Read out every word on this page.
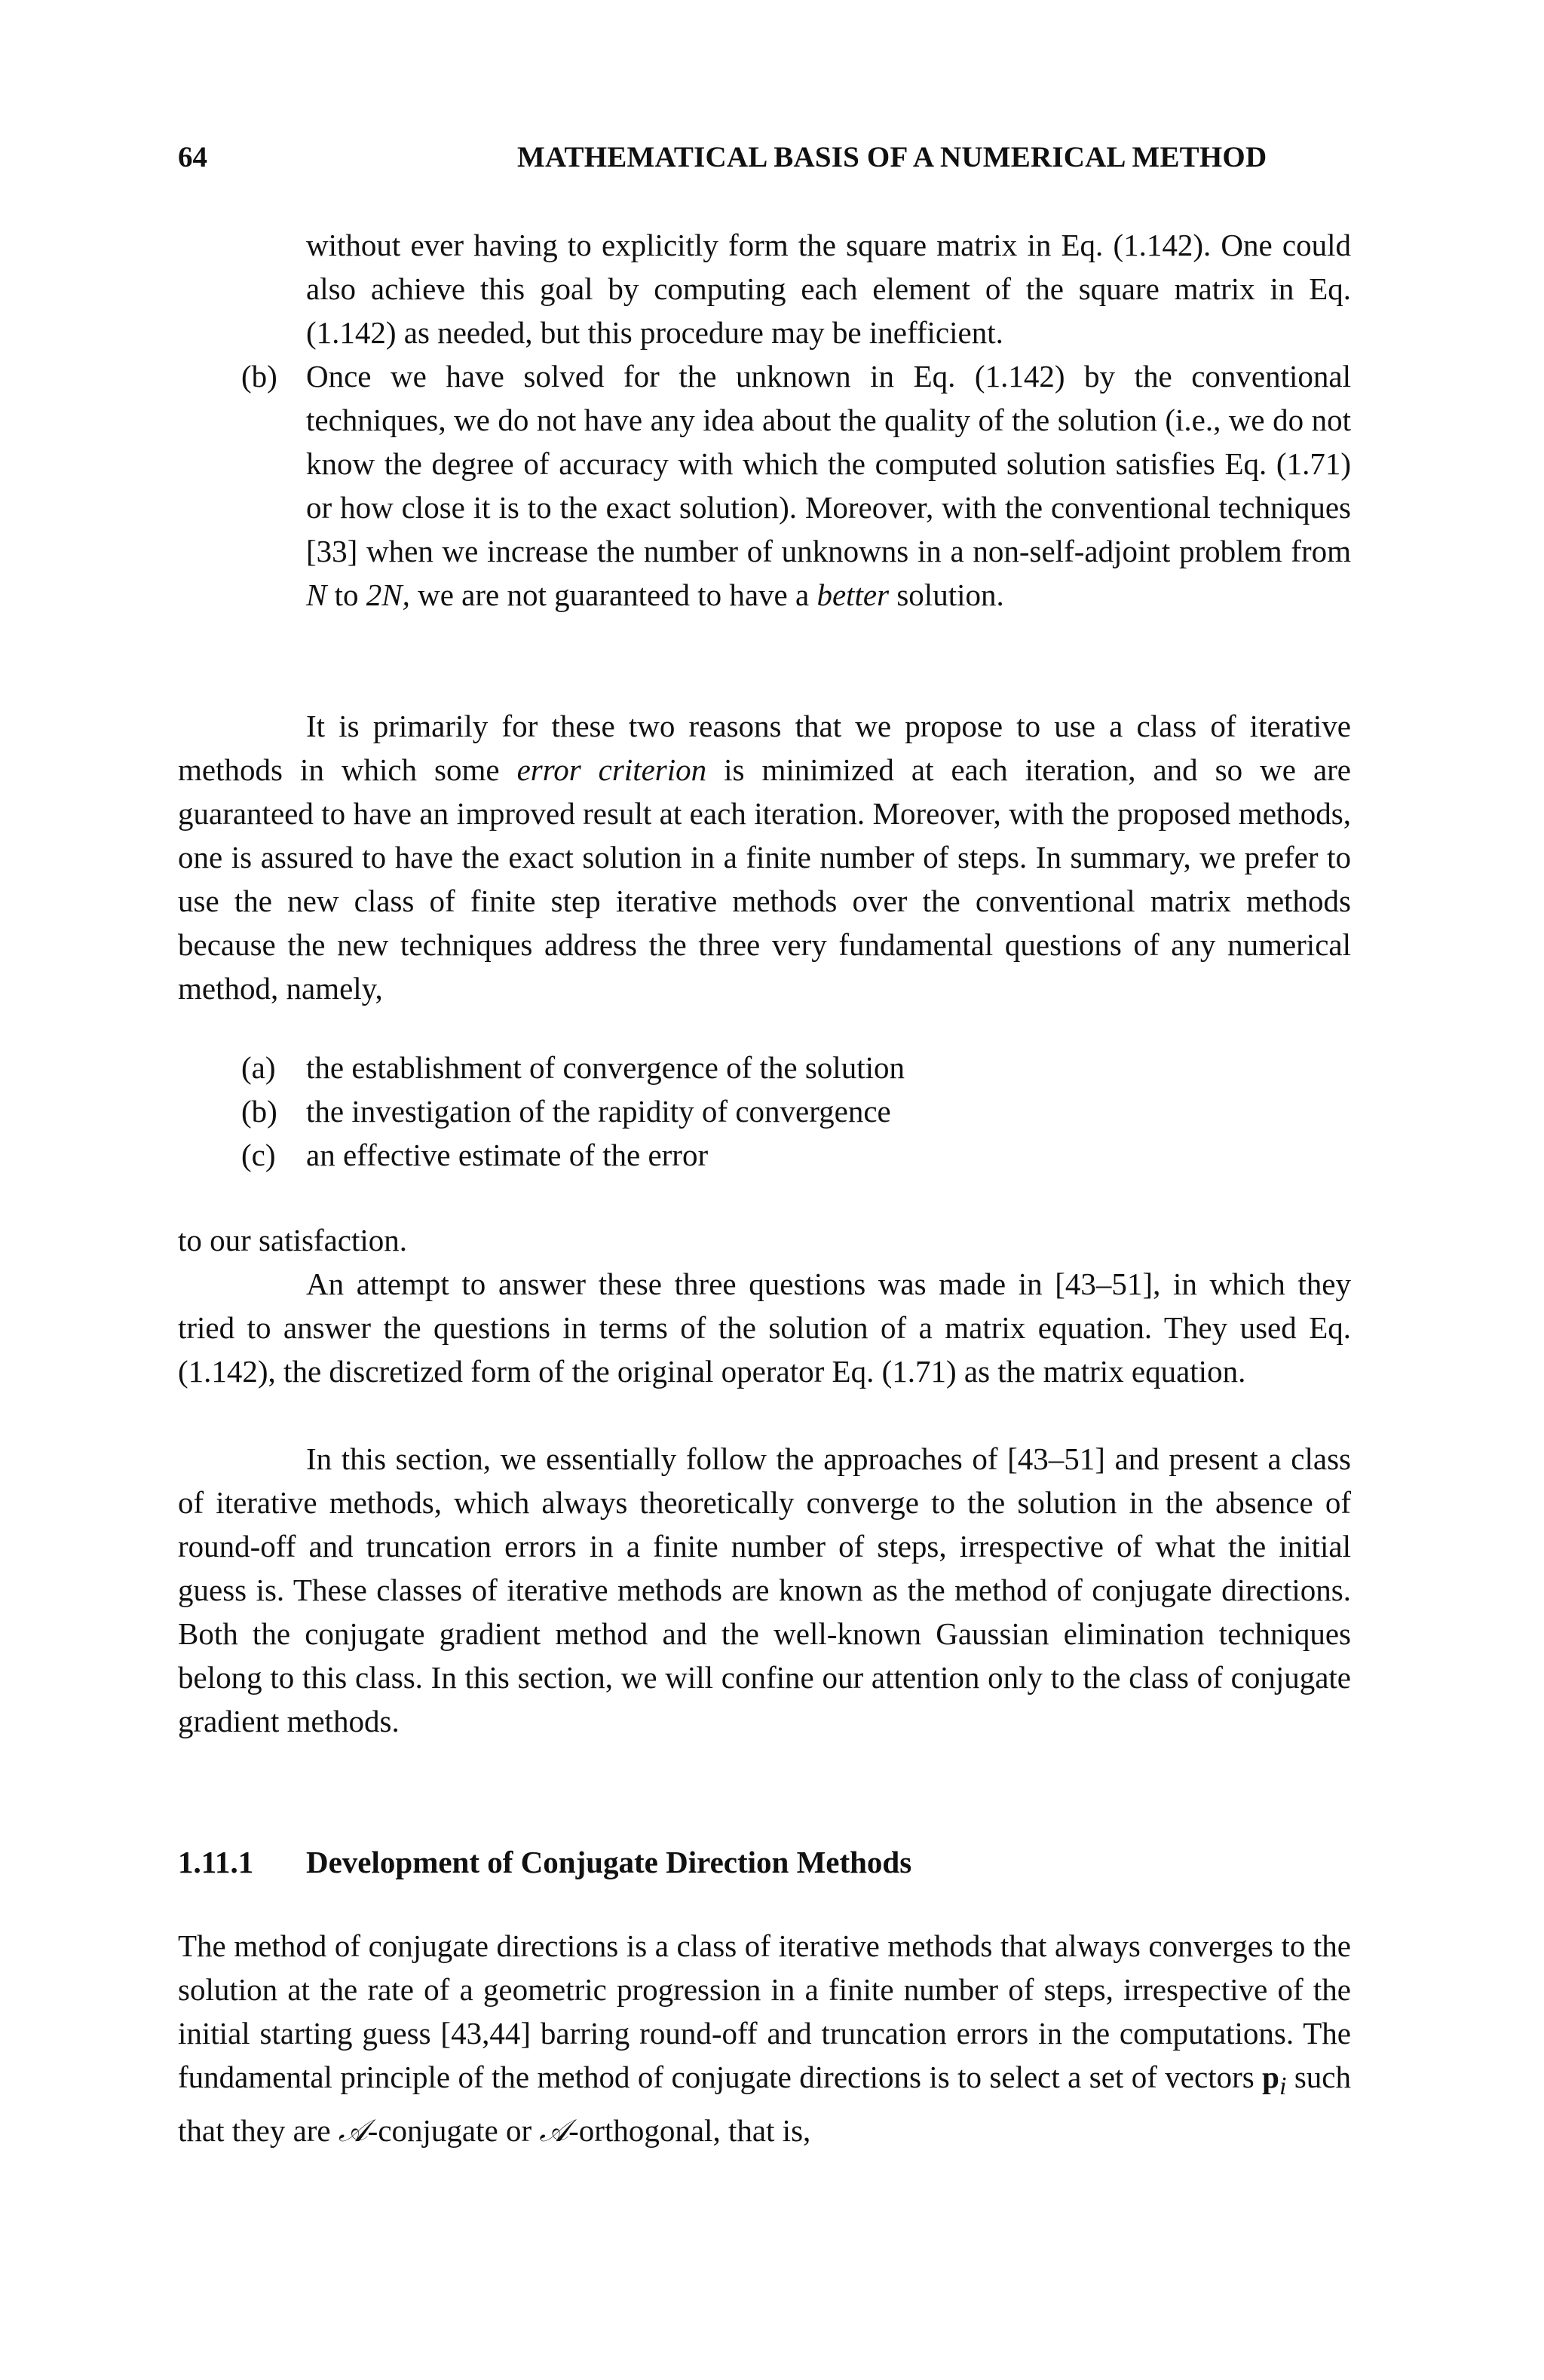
64	MATHEMATICAL BASIS OF A NUMERICAL METHOD

without ever having to explicitly form the square matrix in Eq. (1.142). One could also achieve this goal by computing each element of the square matrix in Eq. (1.142) as needed, but this procedure may be inefficient.

(b) Once we have solved for the unknown in Eq. (1.142) by the conventional techniques, we do not have any idea about the quality of the solution (i.e., we do not know the degree of accuracy with which the computed solution satisfies Eq. (1.71) or how close it is to the exact solution). Moreover, with the conventional techniques [33] when we increase the number of unknowns in a non-self-adjoint problem from N to 2N, we are not guaranteed to have a better solution.

It is primarily for these two reasons that we propose to use a class of iterative methods in which some error criterion is minimized at each iteration, and so we are guaranteed to have an improved result at each iteration. Moreover, with the proposed methods, one is assured to have the exact solution in a finite number of steps. In summary, we prefer to use the new class of finite step iterative methods over the conventional matrix methods because the new techniques address the three very fundamental questions of any numerical method, namely,

(a) the establishment of convergence of the solution
(b) the investigation of the rapidity of convergence
(c) an effective estimate of the error

to our satisfaction.

An attempt to answer these three questions was made in [43–51], in which they tried to answer the questions in terms of the solution of a matrix equation. They used Eq. (1.142), the discretized form of the original operator Eq. (1.71) as the matrix equation.

In this section, we essentially follow the approaches of [43–51] and present a class of iterative methods, which always theoretically converge to the solution in the absence of round-off and truncation errors in a finite number of steps, irrespective of what the initial guess is. These classes of iterative methods are known as the method of conjugate directions. Both the conjugate gradient method and the well-known Gaussian elimination techniques belong to this class. In this section, we will confine our attention only to the class of conjugate gradient methods.

1.11.1 Development of Conjugate Direction Methods

The method of conjugate directions is a class of iterative methods that always converges to the solution at the rate of a geometric progression in a finite number of steps, irrespective of the initial starting guess [43,44] barring round-off and truncation errors in the computations. The fundamental principle of the method of conjugate directions is to select a set of vectors $p_i$ such that they are 𝒜-conjugate or 𝒜-orthogonal, that is,
